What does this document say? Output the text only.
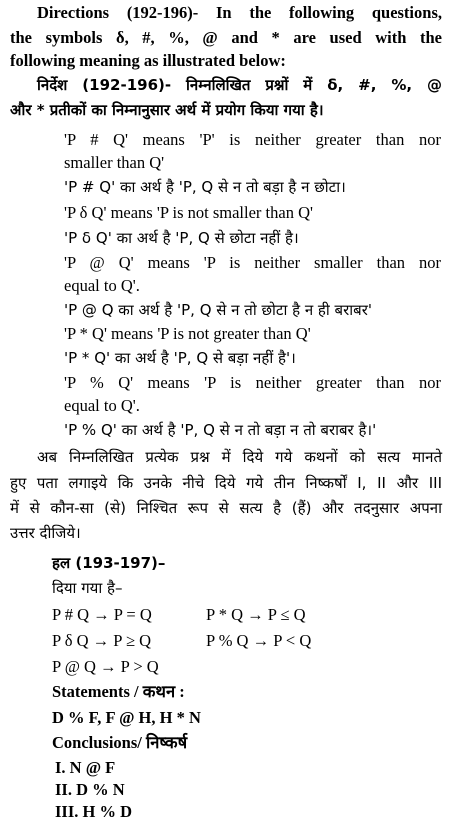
Directions (192-196)- In the following questions,
the symbols δ, #, %, @ and * are used with the
following meaning as illustrated below:
निर्देश (192-196)- निम्नलिखित प्रश्नों में δ, #, %, @
और * प्रतीकों का निम्नानुसार अर्थ में प्रयोग किया गया है।
'P # Q' means 'P' is neither greater than nor
smaller than Q'
'P # Q' का अर्थ है 'P, Q से न तो बड़ा है न छोटा।
'P δ Q' means 'P is not smaller than Q'
'P δ Q' का अर्थ है 'P, Q से छोटा नहीं है।
'P @ Q' means 'P is neither smaller than nor
equal to Q'.
'P @ Q का अर्थ है 'P, Q से न तो छोटा है न ही बराबर'
'P * Q' means 'P is not greater than Q'
'P * Q' का अर्थ है 'P, Q से बड़ा नहीं है'।
'P % Q' means 'P is neither greater than nor
equal to Q'.
'P % Q' का अर्थ है 'P, Q से न तो बड़ा न तो बराबर है।'
अब निम्नलिखित प्रत्येक प्रश्न में दिये गये कथनों को सत्य मानते
हुए पता लगाइये कि उनके नीचे दिये गये तीन निष्कर्षों I, II और III
में से कौन-सा (से) निश्चित रूप से सत्य है (हैं) और तदनुसार अपना
उत्तर दीजिये।
हल (193-197)–
दिया गया है–
P # Q → P = Q	P * Q → P ≤ Q
P δ Q → P ≥ Q	P % Q → P < Q
P @ Q → P > Q
Statements / कथन :
D % F, F @ H, H * N
Conclusions/ निष्कर्ष
I. N @ F
II. D % N
III. H % D
